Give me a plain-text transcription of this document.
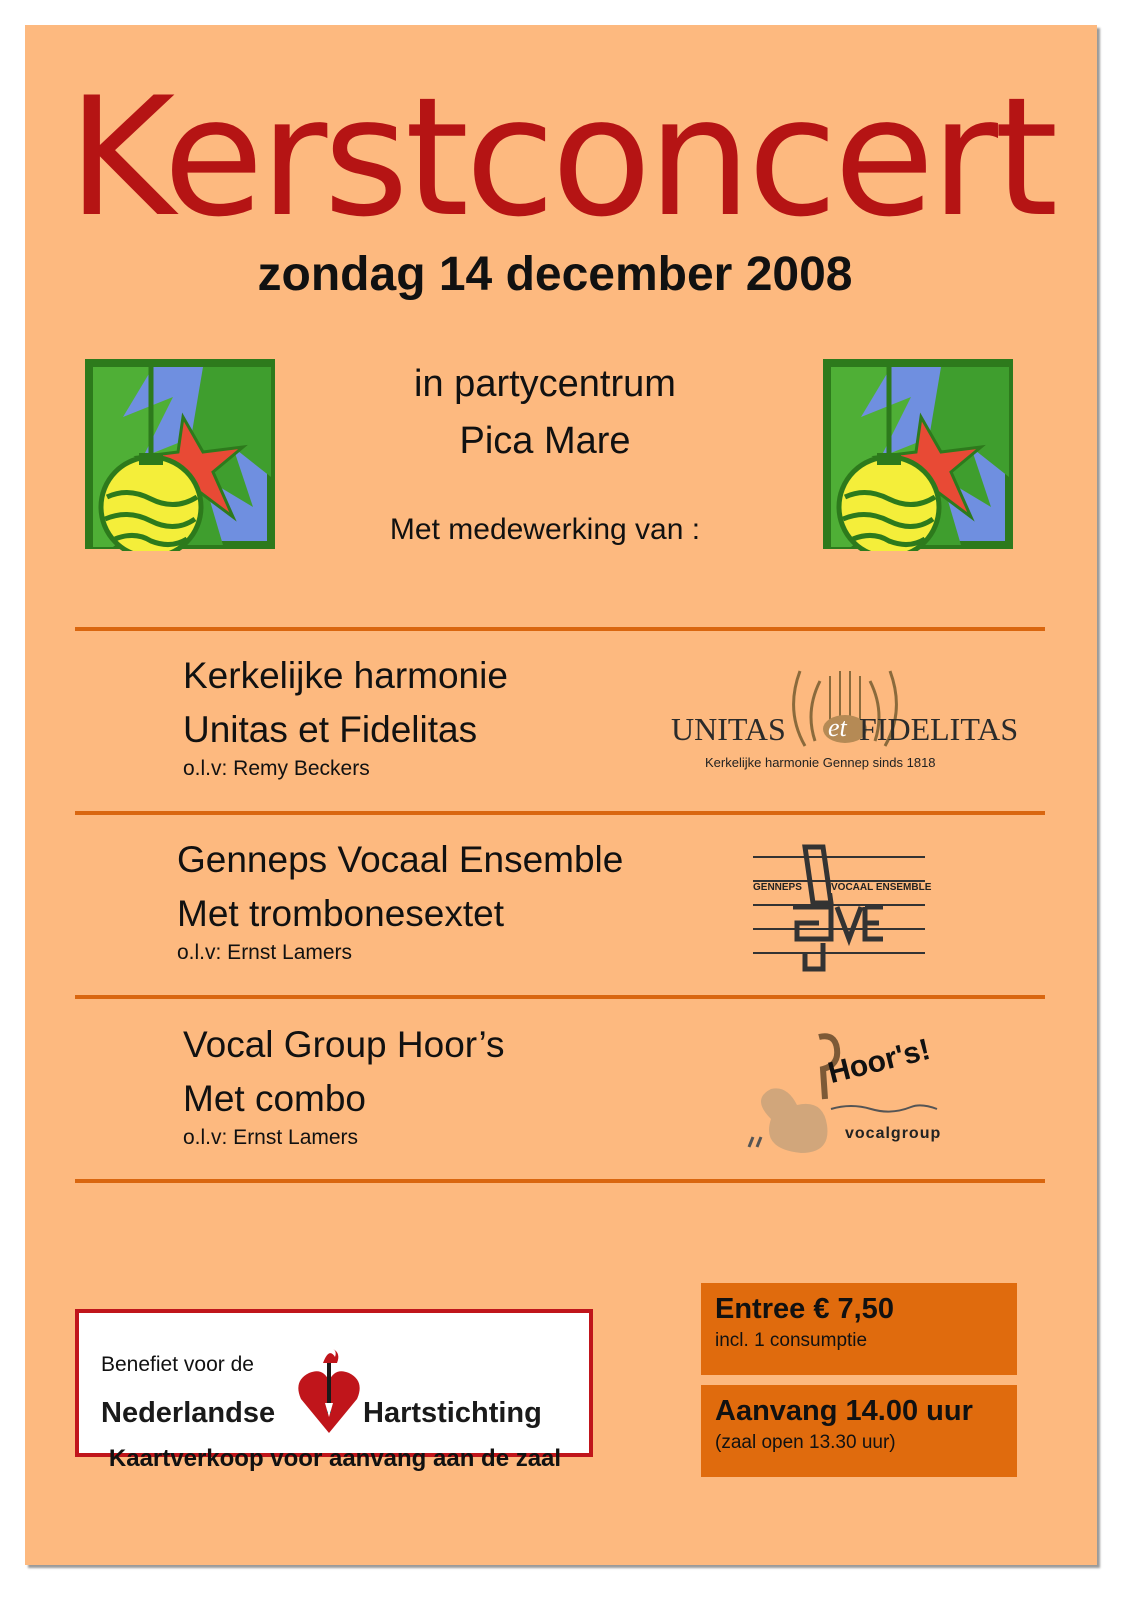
Kerstconcert
zondag 14 december 2008
in partycentrum
Pica Mare
Met medewerking van :
Kerkelijke harmonie
Unitas et Fidelitas
o.l.v: Remy Beckers
UNITAS et FIDELITAS
Kerkelijke harmonie Gennep sinds 1818
Genneps Vocaal Ensemble
Met trombonesextet
o.l.v: Ernst Lamers
GENNEPS	VOCAAL ENSEMBLE
Vocal Group Hoor’s
Met combo
o.l.v: Ernst Lamers
Hoor's!
vocalgroup
Benefiet voor de
Nederlandse	Hartstichting
Kaartverkoop voor aanvang aan de zaal
Entree € 7,50
incl. 1 consumptie
Aanvang 14.00 uur
(zaal open 13.30 uur)
